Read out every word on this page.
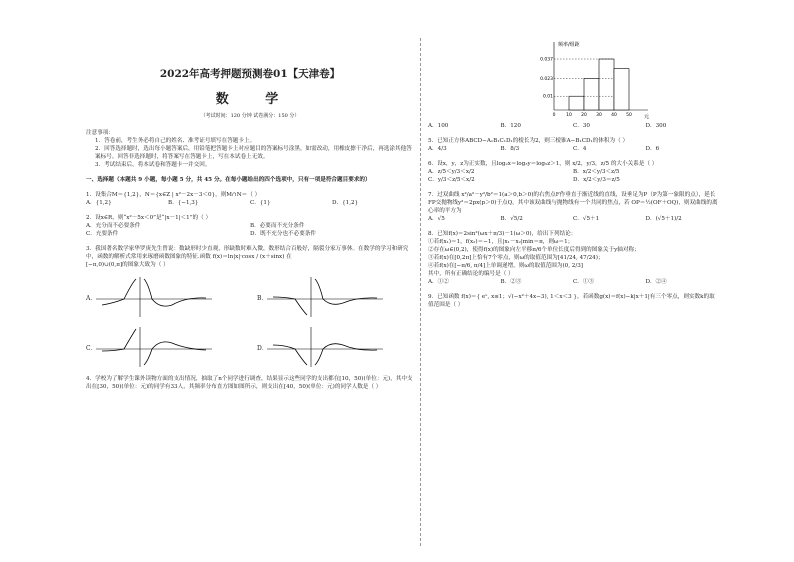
2022年高考押题预测卷01【天津卷】
数 学
（考试时间：120 分钟 试卷满分：150 分）

注意事项：

1．答卷前，考生务必将自己的姓名、准考证号填写在答题卡上。

2．回答选择题时，选出每小题答案后，用铅笔把答题卡上对应题目的答案标号涂黑。如需改动，用橡皮擦干净后，再选涂其他答案标号。回答非选择题时，将答案写在答题卡上，写在本试卷上无效。

3．考试结束后，将本试卷和答题卡一并交回。

一、选择题（本题共 9 小题，每小题 5 分，共 45 分。在每小题给出的四个选项中，只有一项是符合题目要求的）

1．设集合M＝{1,2}，N＝{x∈Z | x²－2x－3＜0}，则M∩N＝（ ）

A．{1,2}	B．{−1,3}	C．{1}	D．{1,2}

2．设x∈R，则“x²－5x＜0”是“|x－1|＜1”的（ ）

A．充分而不必要条件	B．必要而不充分条件
C．充要条件	D．既不充分也不必要条件

3．我国著名数学家华罗庚先生曾说：数缺形时少直观，形缺数时难入微，数形结合百般好，隔裂分家万事休。在数学的学习和研究中，函数的解析式常用来琢磨函数图象的特征.函数 f(x)＝ln|x|·cosx / (x＋sinx) 在

[−π,0)∪(0,π]的图象大致为（ ）

A．	B．
C．	D．

4．学校为了解学生课外读物方面的支出情况，抽取了n个同学进行调查，结果显示这些同学的支出都在[10，50)(单位：元)，其中支出在[30，50)(单位：元)的同学有33人，其频率分布直方图如图所示，则支出在[40，50)(单位：元)的同学人数是（ ）

频率/组距
元
0.037
0.023
0.01
0 10 20 30 40 50
A．100	B．120	C．30	D．300

5．已知正方体ABCD−A₁B₁C₁D₁的棱长为2，则三棱锥A−B₁CD₁的体积为（ ）

A．4/3	B．8/3	C．4	D．6

6．设x，y，z为正实数，且log₂x＝log₃y＝log₅z＞1，则 x/2，y/3，z/5 的大小关系是（ ）

A．z/5＜y/3＜x/2	B．x/2＜y/3＜z/5
C．y/3＜z/5＜x/2	D．x/2＜y/3＝z/5

7．过双曲线 x²/a²－y²/b²＝1(a＞0,b＞0)的右焦点F作垂直于渐近线的直线，设垂足为P（P为第一象限的点），延长FP交抛物线y²＝2px(p＞0)于点Q，其中该双曲线与抛物线有一个共同的焦点，若 OP＝½(OF＋OQ)，则双曲线的离心率的平方为

A．√5	B．√5/2	C．√5＋1	D．(√5＋1)/2

8．已知f(x)＝2sin²(ωx＋π/3)－1(ω＞0)，给出下列结论：

①若f(x₁)＝1，f(x₂)＝−1，且|x₁－x₂|min＝π，则ω＝1；

②存在ω∈(0,2)，使得f(x)的图象向左平移π/6个单位长度后得到的图象关于y轴对称；

③若f(x)在[0,2π]上恰有7个零点，则ω的取值范围为[41/24, 47/24)；

④若f(x)在[−π/6, π/4]上单调递增，则ω的取值范围为(0, 2/3]

其中，所有正确结论的编号是（ ）

A．①②	B．②③	C．①③	D．②④

9．已知函数 f(x)＝{ eˣ, x≤1；√(−x²＋4x−3), 1＜x＜3 }，若函数g(x)＝f(x)−k|x＋1|有三个零点，则实数k的取值范围是（ ）
